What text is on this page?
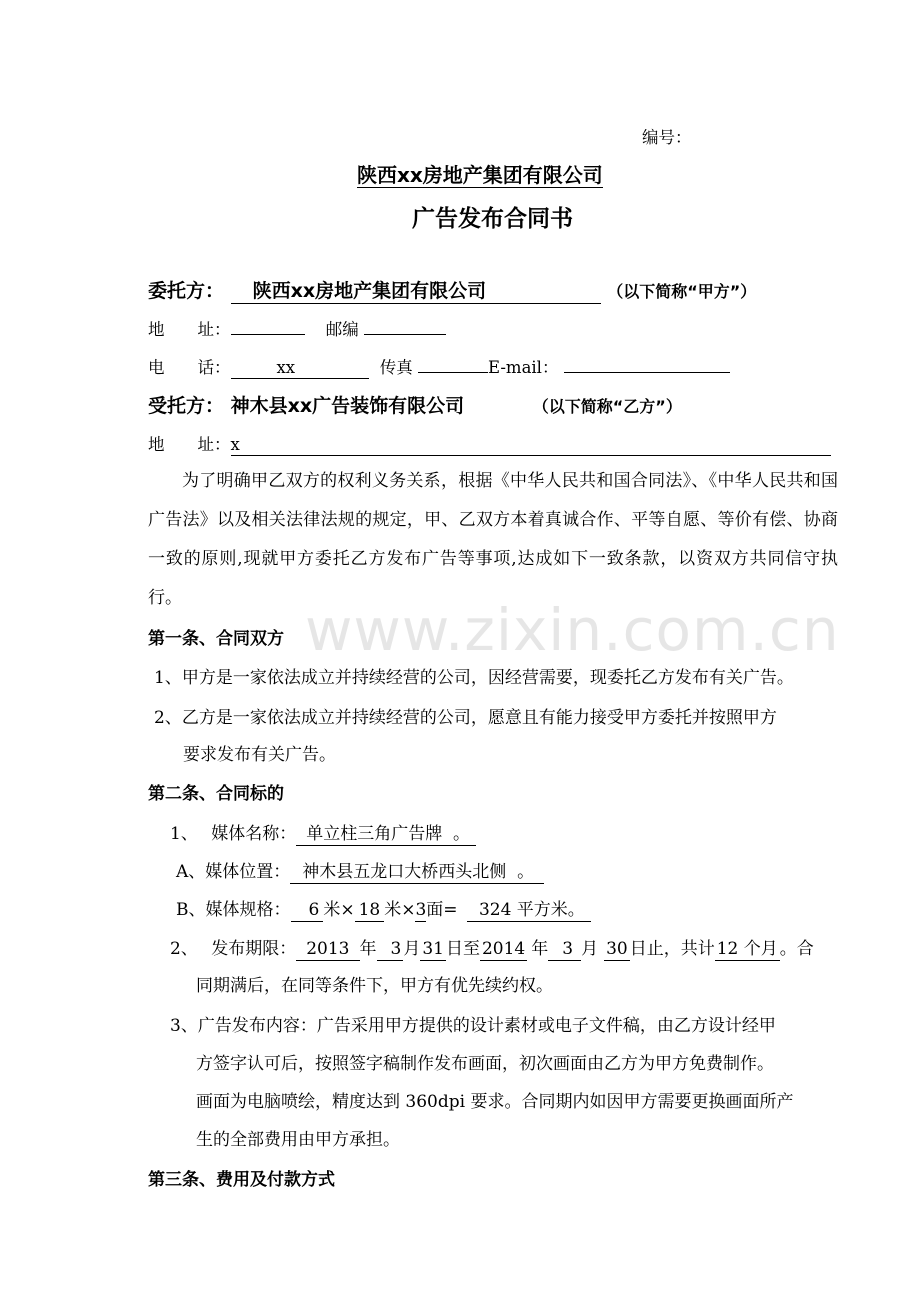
www.zixin.com.cn
编号：
陕西xx房地产集团有限公司
广告发布合同书
委托方： 陕西xx房地产集团有限公司	（以下简称“甲方”）
地　　址：	邮编
电　　话：	xx	传真	E-mail：
受托方： 神木县xx广告装饰有限公司	（以下简称“乙方”）
地　　址：x
为了明确甲乙双方的权利义务关系，根据《中华人民共和国合同法》、《中华人民共和国广告法》以及相关法律法规的规定，甲、乙双方本着真诚合作、平等自愿、等价有偿、协商一致的原则,现就甲方委托乙方发布广告等事项,达成如下一致条款，以资双方共同信守执行。
第一条、合同双方
1、甲方是一家依法成立并持续经营的公司，因经营需要，现委托乙方发布有关广告。
2、乙方是一家依法成立并持续经营的公司，愿意且有能力接受甲方委托并按照甲方
要求发布有关广告。
第二条、合同标的
1、 媒体名称： 单立柱三角广告牌 。
A、媒体位置： 神木县五龙口大桥西头北侧 。
B、媒体规格： 6 米× 18 米×3面= 324 平方米。
2、 发布期限： 2013 年 3 月 31 日至 2014 年 3 月 30 日止，共计 12 个月 。合
同期满后，在同等条件下，甲方有优先续约权。
3、广告发布内容：广告采用甲方提供的设计素材或电子文件稿，由乙方设计经甲
方签字认可后，按照签字稿制作发布画面，初次画面由乙方为甲方免费制作。
画面为电脑喷绘，精度达到 360dpi 要求。合同期内如因甲方需要更换画面所产
生的全部费用由甲方承担。
第三条、费用及付款方式
